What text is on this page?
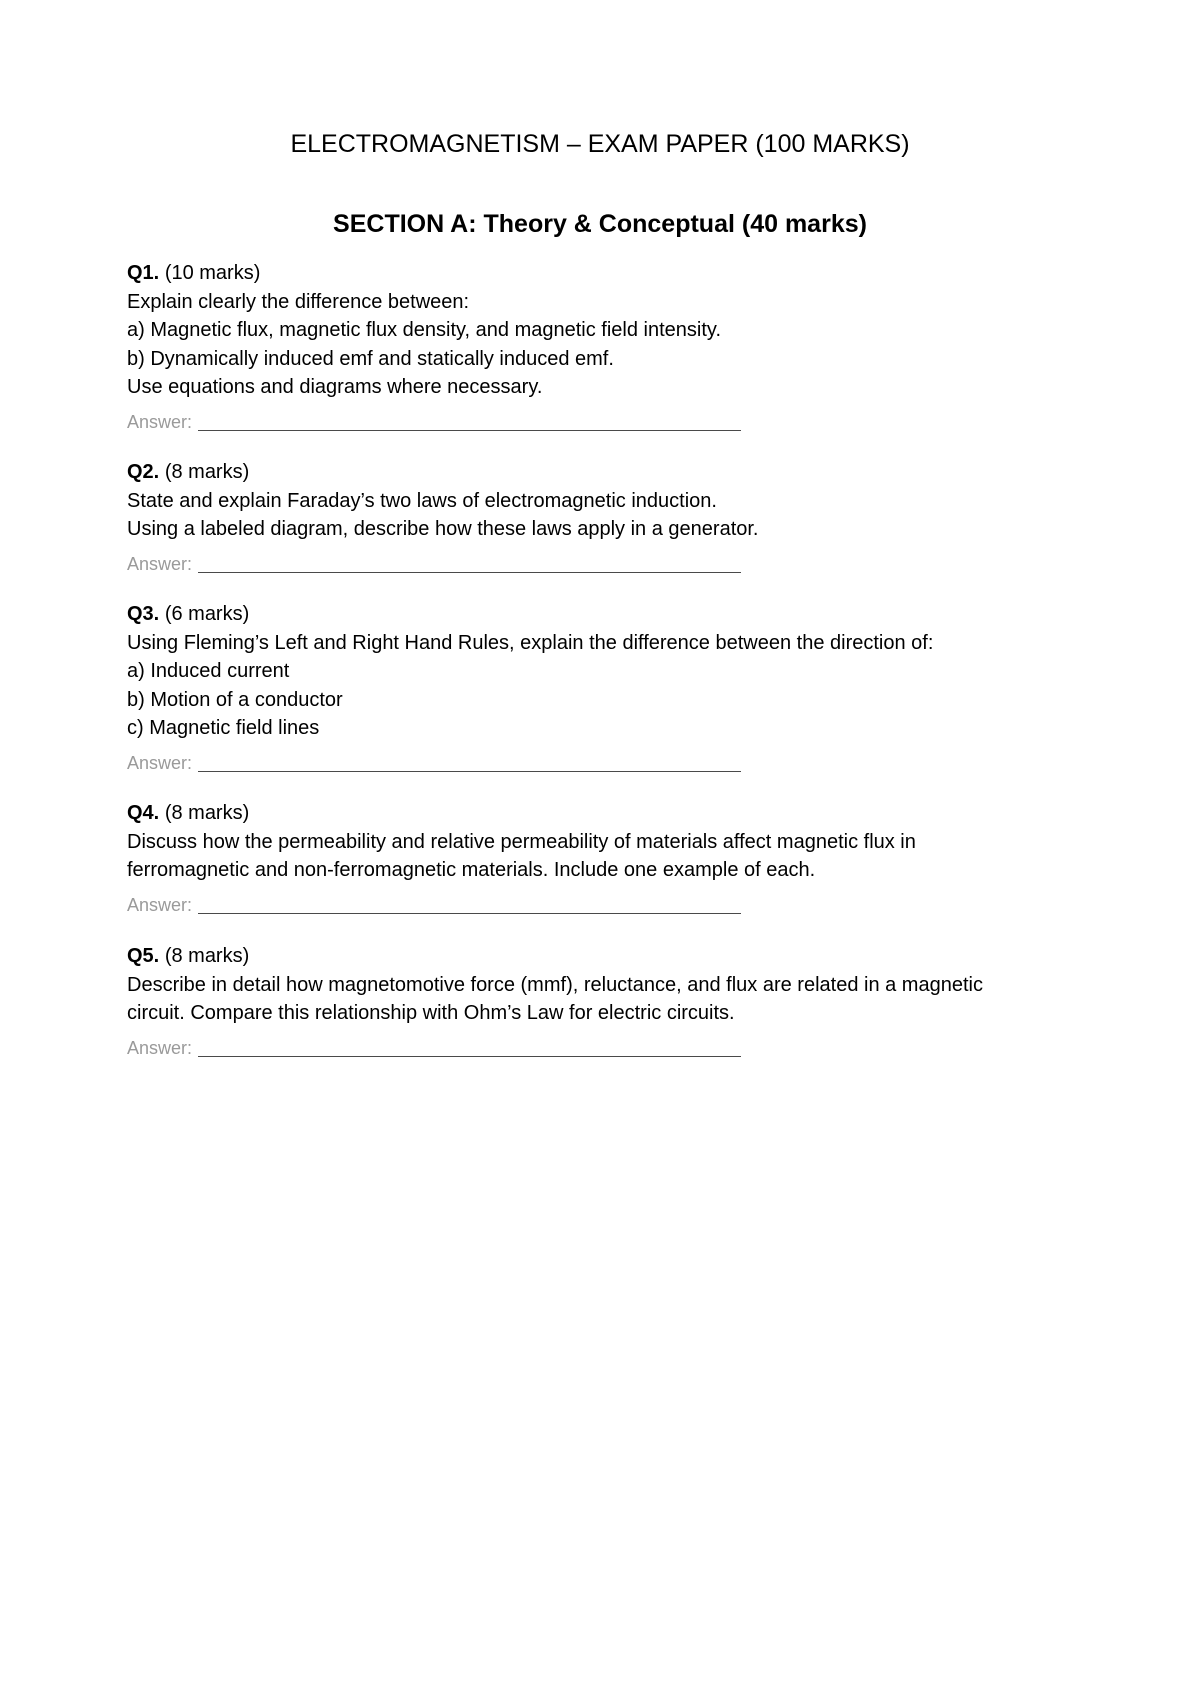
ELECTROMAGNETISM – EXAM PAPER (100 MARKS)
SECTION A: Theory & Conceptual (40 marks)

Q1. (10 marks)

Explain clearly the difference between:

a) Magnetic flux, magnetic flux density, and magnetic field intensity.

b) Dynamically induced emf and statically induced emf.

Use equations and diagrams where necessary.

Answer:

Q2. (8 marks)

State and explain Faraday’s two laws of electromagnetic induction.

Using a labeled diagram, describe how these laws apply in a generator.

Answer:

Q3. (6 marks)

Using Fleming’s Left and Right Hand Rules, explain the difference between the direction of:

a) Induced current

b) Motion of a conductor

c) Magnetic field lines

Answer:

Q4. (8 marks)

Discuss how the permeability and relative permeability of materials affect magnetic flux in

ferromagnetic and non-ferromagnetic materials. Include one example of each.

Answer:

Q5. (8 marks)

Describe in detail how magnetomotive force (mmf), reluctance, and flux are related in a magnetic

circuit. Compare this relationship with Ohm’s Law for electric circuits.

Answer:
